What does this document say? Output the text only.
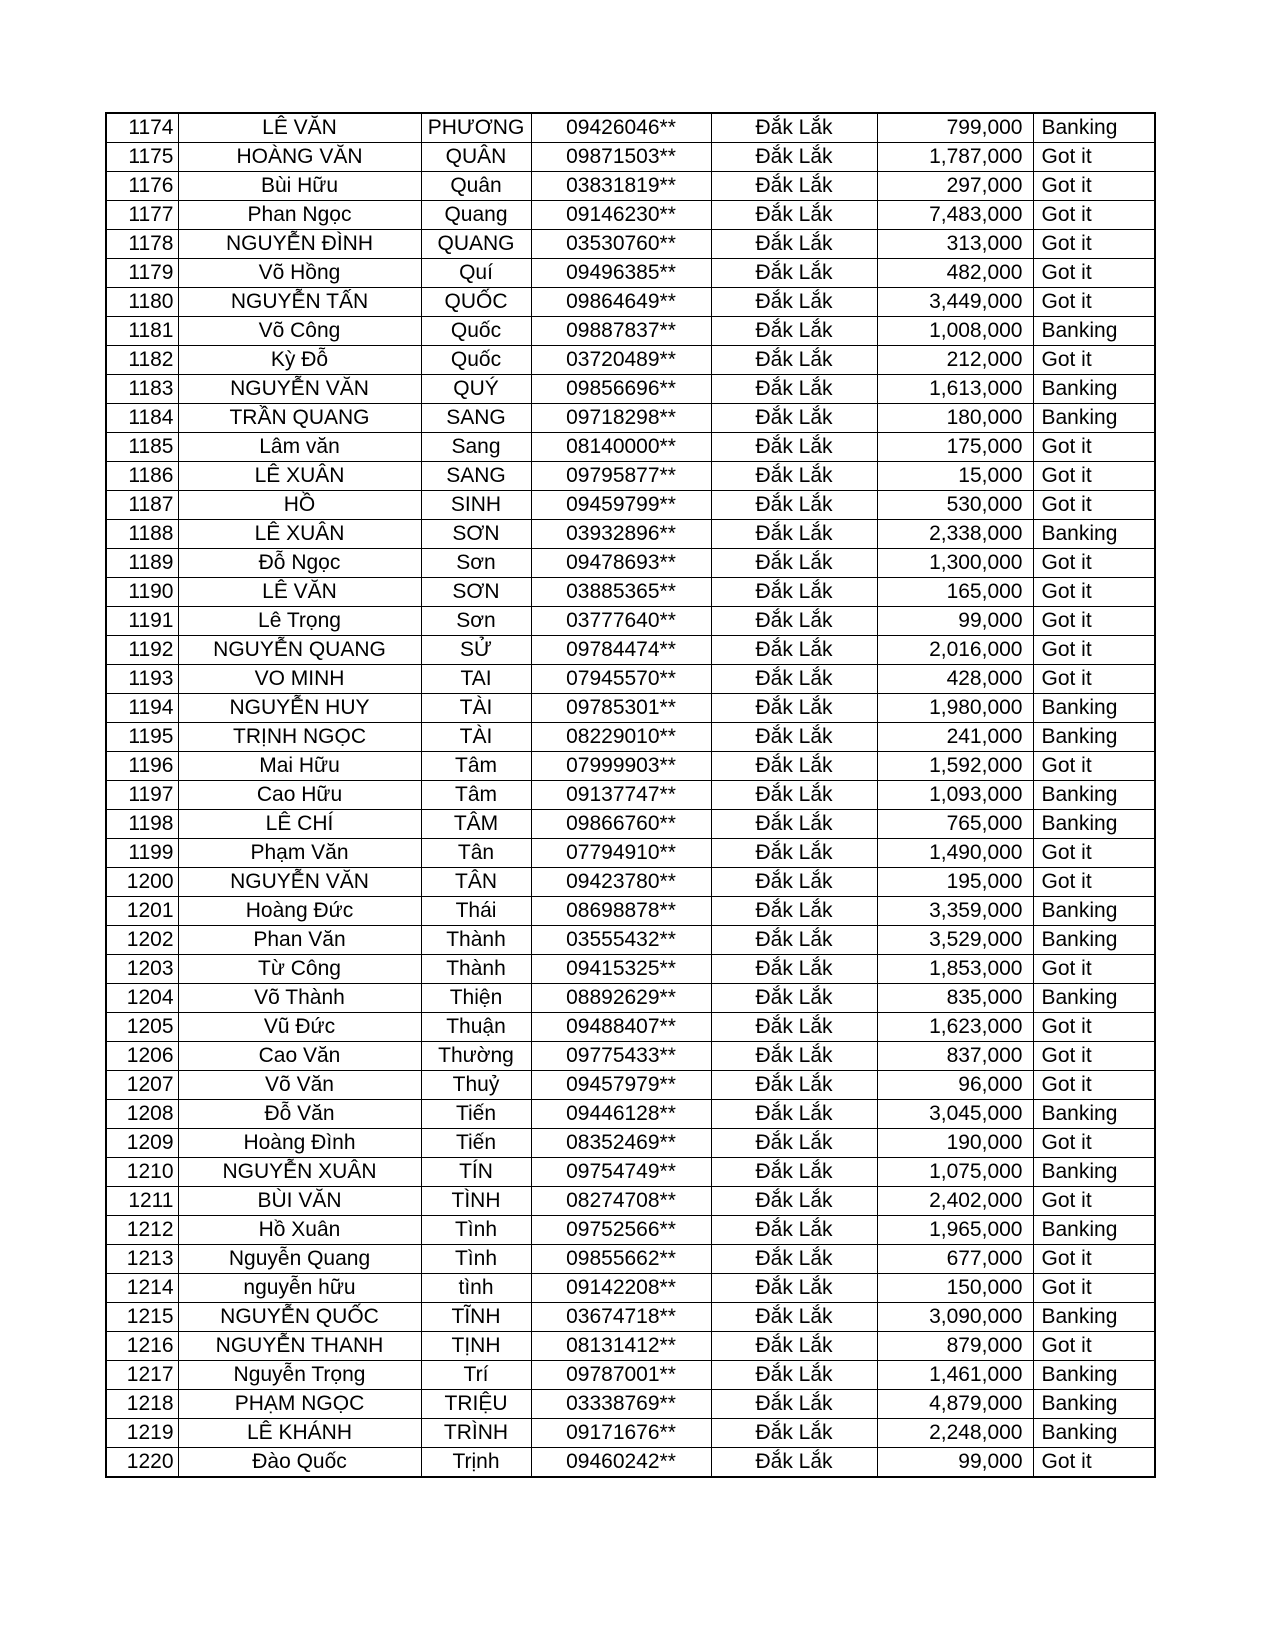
1174	LÊ VĂN	PHƯƠNG	09426046**	Đắk Lắk	799,000	Banking
1175	HOÀNG VĂN	QUÂN	09871503**	Đắk Lắk	1,787,000	Got it
1176	Bùi Hữu	Quân	03831819**	Đắk Lắk	297,000	Got it
1177	Phan Ngọc	Quang	09146230**	Đắk Lắk	7,483,000	Got it
1178	NGUYỄN ĐÌNH	QUANG	03530760**	Đắk Lắk	313,000	Got it
1179	Võ Hồng	Quí	09496385**	Đắk Lắk	482,000	Got it
1180	NGUYỄN TẤN	QUỐC	09864649**	Đắk Lắk	3,449,000	Got it
1181	Võ Công	Quốc	09887837**	Đắk Lắk	1,008,000	Banking
1182	Kỳ Đỗ	Quốc	03720489**	Đắk Lắk	212,000	Got it
1183	NGUYỄN VĂN	QUÝ	09856696**	Đắk Lắk	1,613,000	Banking
1184	TRẦN QUANG	SANG	09718298**	Đắk Lắk	180,000	Banking
1185	Lâm văn	Sang	08140000**	Đắk Lắk	175,000	Got it
1186	LÊ XUÂN	SANG	09795877**	Đắk Lắk	15,000	Got it
1187	HỒ	SINH	09459799**	Đắk Lắk	530,000	Got it
1188	LÊ XUÂN	SƠN	03932896**	Đắk Lắk	2,338,000	Banking
1189	Đỗ Ngọc	Sơn	09478693**	Đắk Lắk	1,300,000	Got it
1190	LÊ VĂN	SƠN	03885365**	Đắk Lắk	165,000	Got it
1191	Lê Trọng	Sơn	03777640**	Đắk Lắk	99,000	Got it
1192	NGUYỄN QUANG	SỬ	09784474**	Đắk Lắk	2,016,000	Got it
1193	VO MINH	TAI	07945570**	Đắk Lắk	428,000	Got it
1194	NGUYỄN HUY	TÀI	09785301**	Đắk Lắk	1,980,000	Banking
1195	TRỊNH NGỌC	TÀI	08229010**	Đắk Lắk	241,000	Banking
1196	Mai Hữu	Tâm	07999903**	Đắk Lắk	1,592,000	Got it
1197	Cao Hữu	Tâm	09137747**	Đắk Lắk	1,093,000	Banking
1198	LÊ CHÍ	TÂM	09866760**	Đắk Lắk	765,000	Banking
1199	Phạm Văn	Tân	07794910**	Đắk Lắk	1,490,000	Got it
1200	NGUYỄN VĂN	TÂN	09423780**	Đắk Lắk	195,000	Got it
1201	Hoàng Đức	Thái	08698878**	Đắk Lắk	3,359,000	Banking
1202	Phan Văn	Thành	03555432**	Đắk Lắk	3,529,000	Banking
1203	Từ Công	Thành	09415325**	Đắk Lắk	1,853,000	Got it
1204	Võ Thành	Thiện	08892629**	Đắk Lắk	835,000	Banking
1205	Vũ Đức	Thuận	09488407**	Đắk Lắk	1,623,000	Got it
1206	Cao Văn	Thường	09775433**	Đắk Lắk	837,000	Got it
1207	Võ Văn	Thuỷ	09457979**	Đắk Lắk	96,000	Got it
1208	Đỗ Văn	Tiến	09446128**	Đắk Lắk	3,045,000	Banking
1209	Hoàng Đình	Tiến	08352469**	Đắk Lắk	190,000	Got it
1210	NGUYỄN XUÂN	TÍN	09754749**	Đắk Lắk	1,075,000	Banking
1211	BÙI VĂN	TÌNH	08274708**	Đắk Lắk	2,402,000	Got it
1212	Hồ Xuân	Tình	09752566**	Đắk Lắk	1,965,000	Banking
1213	Nguyễn Quang	Tình	09855662**	Đắk Lắk	677,000	Got it
1214	nguyễn hữu	tình	09142208**	Đắk Lắk	150,000	Got it
1215	NGUYỄN QUỐC	TĨNH	03674718**	Đắk Lắk	3,090,000	Banking
1216	NGUYỄN THANH	TỊNH	08131412**	Đắk Lắk	879,000	Got it
1217	Nguyễn Trọng	Trí	09787001**	Đắk Lắk	1,461,000	Banking
1218	PHẠM NGỌC	TRIỆU	03338769**	Đắk Lắk	4,879,000	Banking
1219	LÊ KHÁNH	TRÌNH	09171676**	Đắk Lắk	2,248,000	Banking
1220	Đào Quốc	Trịnh	09460242**	Đắk Lắk	99,000	Got it
